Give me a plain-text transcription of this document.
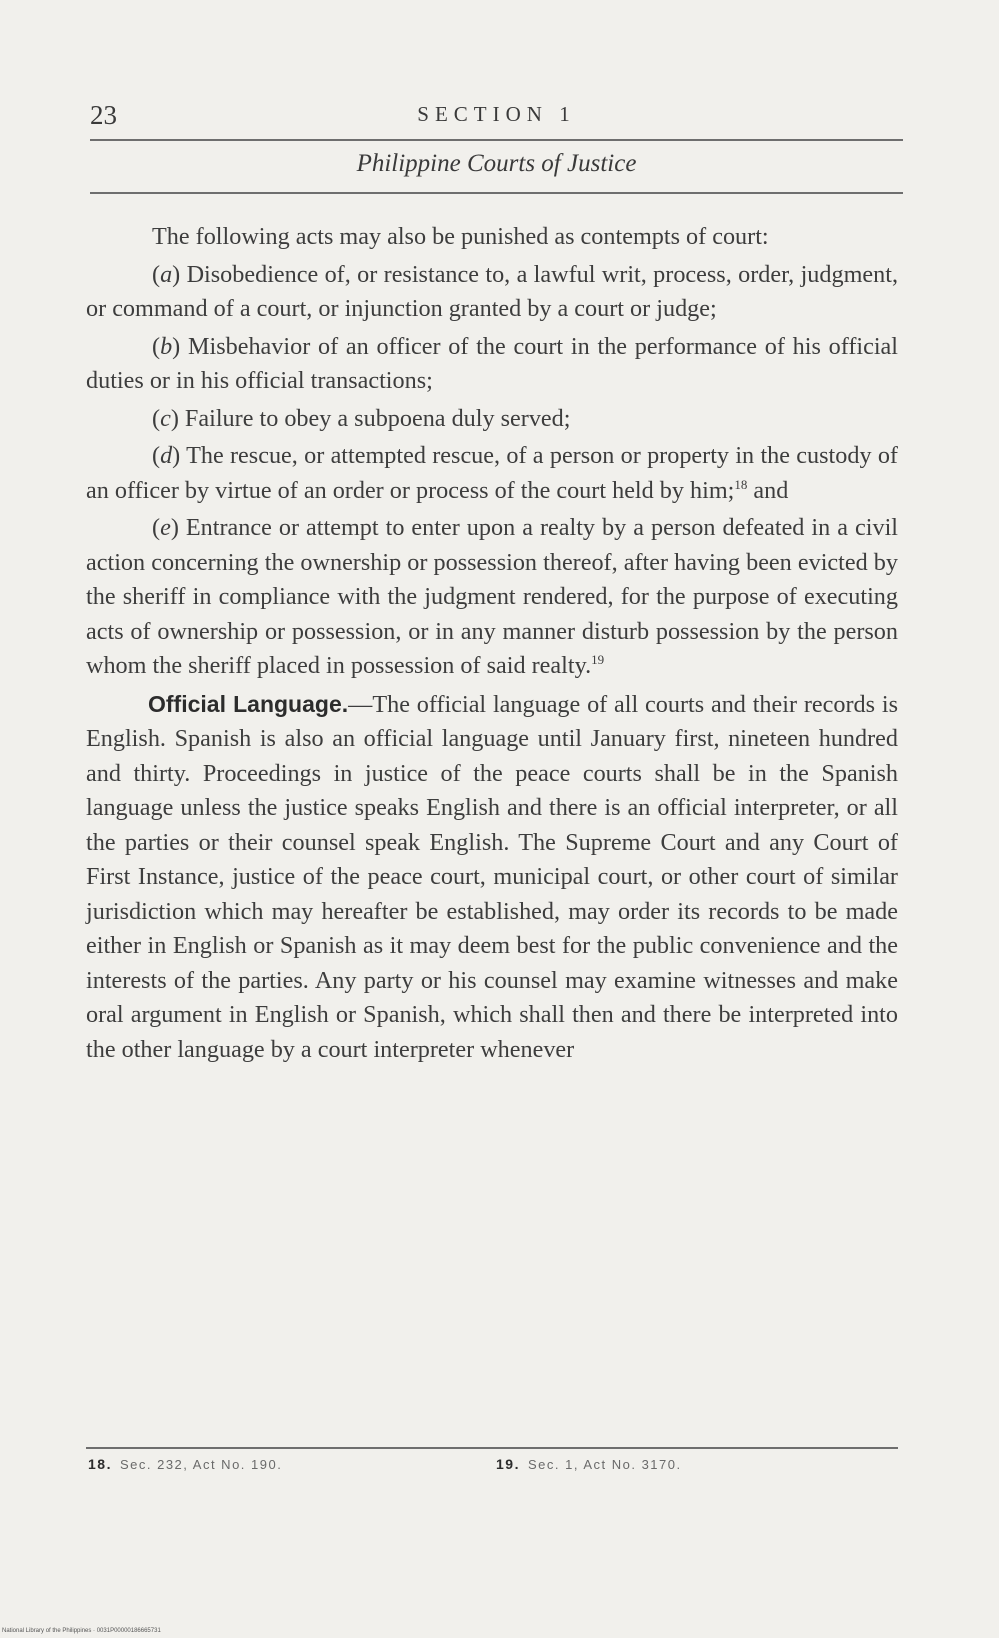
23	SECTION 1
Philippine Courts of Justice

The following acts may also be punished as contempts of court:

(a) Disobedience of, or resistance to, a lawful writ, process, order, judgment, or command of a court, or injunction granted by a court or judge;

(b) Misbehavior of an officer of the court in the performance of his official duties or in his official transactions;

(c) Failure to obey a subpoena duly served;

(d) The rescue, or attempted rescue, of a person or property in the custody of an officer by virtue of an order or process of the court held by him;$^{18}$ and

(e) Entrance or attempt to enter upon a realty by a person defeated in a civil action concerning the ownership or possession thereof, after having been evicted by the sheriff in compliance with the judgment rendered, for the purpose of executing acts of ownership or possession, or in any manner disturb possession by the person whom the sheriff placed in possession of said realty.$^{19}$

Official Language.—The official language of all courts and their records is English. Spanish is also an official language until January first, nineteen hundred and thirty. Proceedings in justice of the peace courts shall be in the Spanish language unless the justice speaks English and there is an official interpreter, or all the parties or their counsel speak English. The Supreme Court and any Court of First Instance, justice of the peace court, municipal court, or other court of similar jurisdiction which may hereafter be established, may order its records to be made either in English or Spanish as it may deem best for the public convenience and the interests of the parties. Any party or his counsel may examine witnesses and make oral argument in English or Spanish, which shall then and there be interpreted into the other language by a court interpreter whenever

18. Sec. 232, Act No. 190.	19. Sec. 1, Act No. 3170.
National Library of the Philippines · 0031P00000186665731
